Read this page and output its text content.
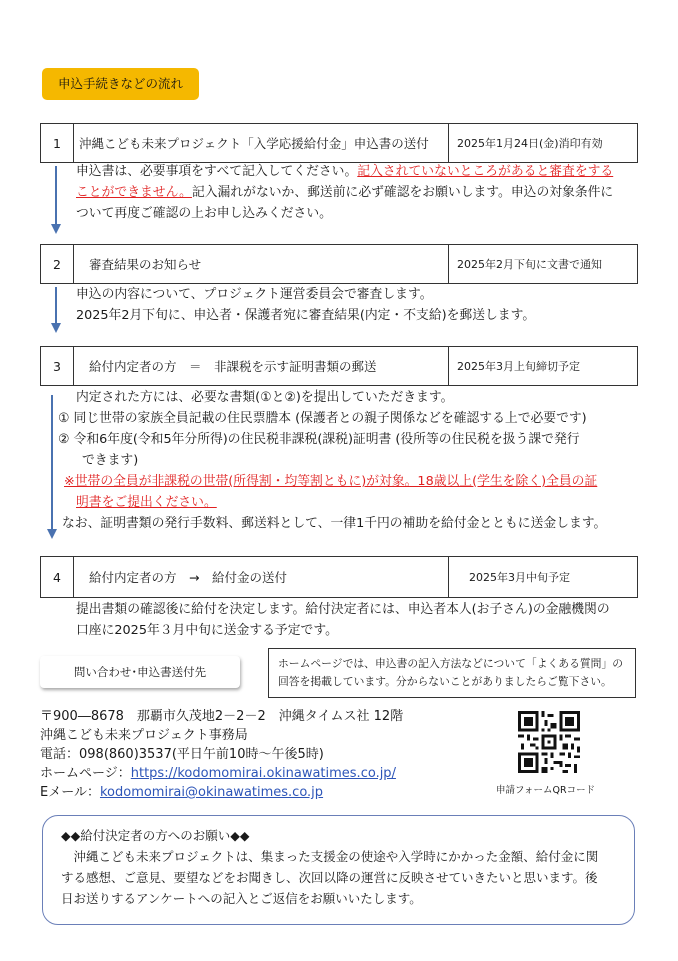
申込手続きなどの流れ
1	沖縄こども未来プロジェクト「入学応援給付金」申込書の送付	2025年1月24日(金)消印有効
2	審査結果のお知らせ	2025年2月下旬に文書で通知
3	給付内定者の方　＝　非課税を示す証明書類の郵送	2025年3月上旬締切予定
4	給付内定者の方　→　給付金の送付	2025年3月中旬予定
問い合わせ･申込書送付先
ホームページでは、申込書の記入方法などについて「よくある質問」の
回答を掲載しています。分からないことがありましたらご覧下さい。
〒900―8678　那覇市久茂地2－2－2　沖縄タイムス社 12階
沖縄こども未来プロジェクト事務局
電話：098(860)3537(平日午前10時～午後5時)
ホームページ：https://kodomomirai.okinawatimes.co.jp/
Eメール：kodomomirai@okinawatimes.co.jp	申請フォームQRコード
◆◆給付決定者の方へのお願い◆◆
沖縄こども未来プロジェクトは、集まった支援金の使途や入学時にかかった金額、給付金に関
する感想、ご意見、要望などをお聞きし、次回以降の運営に反映させていきたいと思います。後
日お送りするアンケートへの記入とご返信をお願いいたします。
申込書は、必要事項をすべて記入してください。記入されていないところがあると審査をする
ことができません。記入漏れがないか、郵送前に必ず確認をお願いします。申込の対象条件に
ついて再度ご確認の上お申し込みください。
申込の内容について、プロジェクト運営委員会で審査します。
2025年2月下旬に、申込者・保護者宛に審査結果(内定・不支給)を郵送します。
内定された方には、必要な書類(①と②)を提出していただきます。
① 同じ世帯の家族全員記載の住民票謄本 (保護者との親子関係などを確認する上で必要です)
② 令和6年度(令和5年分所得)の住民税非課税(課税)証明書 (役所等の住民税を扱う課で発行
できます)
※世帯の全員が非課税の世帯(所得割・均等割ともに)が対象。18歳以上(学生を除く)全員の証
明書をご提出ください。
なお、証明書類の発行手数料、郵送料として、一律1千円の補助を給付金とともに送金します。
提出書類の確認後に給付を決定します。給付決定者には、申込者本人(お子さん)の金融機関の
口座に2025年３月中旬に送金する予定です。
